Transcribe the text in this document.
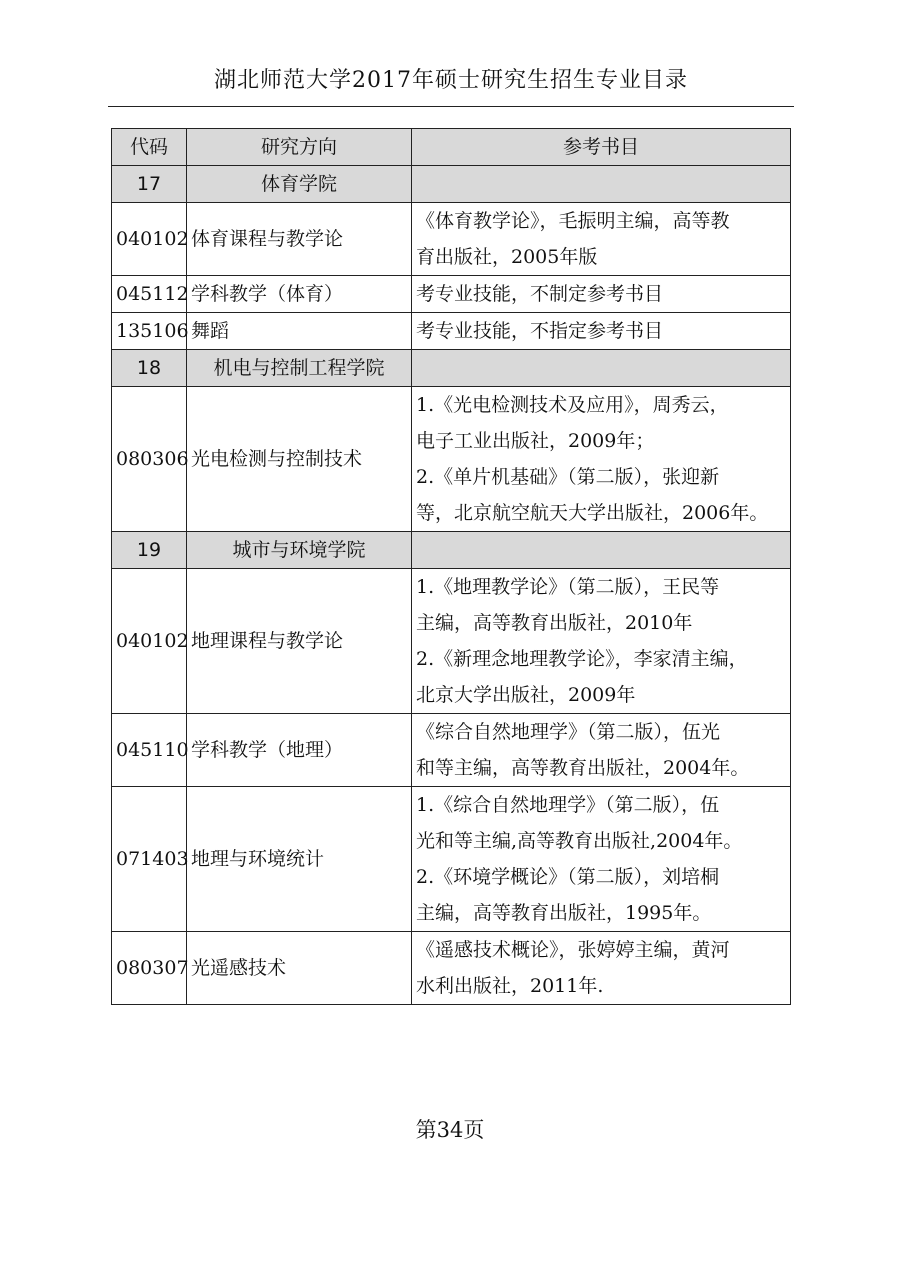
湖北师范大学2017年硕士研究生招生专业目录
代码	研究方向	参考书目
17	体育学院	
040102	体育课程与教学论	《体育教学论》，毛振明主编，高等教
育出版社，2005年版

045112	学科教学（体育）	考专业技能，不制定参考书目

135106	舞蹈	考专业技能，不指定参考书目

18	机电与控制工程学院	
080306	光电检测与控制技术	1.《光电检测技术及应用》，周秀云，
电子工业出版社，2009年；
2.《单片机基础》（第二版），张迎新
等，北京航空航天大学出版社，2006年。

19	城市与环境学院	
040102	地理课程与教学论	1.《地理教学论》（第二版），王民等
主编，高等教育出版社，2010年
2.《新理念地理教学论》，李家清主编，
北京大学出版社，2009年

045110	学科教学（地理）	《综合自然地理学》（第二版），伍光
和等主编，高等教育出版社，2004年。

071403	地理与环境统计	1.《综合自然地理学》（第二版），伍
光和等主编,高等教育出版社,2004年。
2.《环境学概论》（第二版），刘培桐
主编，高等教育出版社，1995年。

080307	光遥感技术	《遥感技术概论》，张婷婷主编，黄河
水利出版社，2011年.
第34页
